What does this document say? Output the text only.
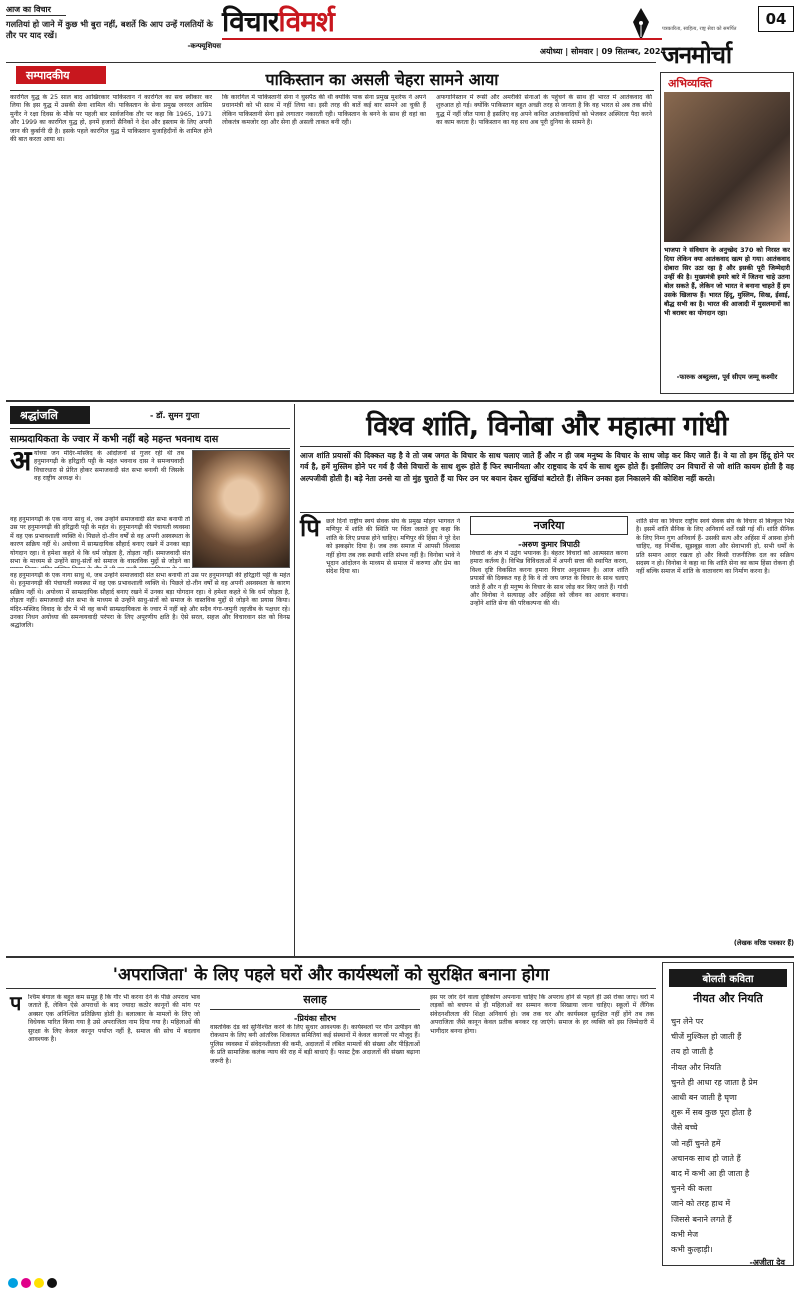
आज का विचार
गलतियां हो जाने में कुछ भी बुरा नहीं, बशर्ते कि आप उन्हें गलतियों के तौर पर याद रखें।
-कन्फ्यूशियस
विचारविमर्श	04
अयोध्या | सोमवार | 09 सितम्बर, 2024
जनमोर्चा
पत्रकारिता, साहित्य, राष्ट्र सेवा को समर्पित
सम्पादकीय	पाकिस्तान का असली चेहरा सामने आया
कारगिल युद्ध के 25 साल बाद आखिरकार पाकिस्तान ने कारगिल का सच स्वीकार कर लिया कि इस युद्ध में उसकी सेना शामिल थी। पाकिस्तान के सेना प्रमुख जनरल आसिम मुनीर ने रक्षा दिवस के मौके पर पहली बार सार्वजनिक तौर पर कहा कि 1965, 1971 और 1999 का कारगिल युद्ध हो, इनमें हजारों सैनिकों ने देश और इस्लाम के लिए अपनी जान की कुर्बानी दी है। इसके पहले कारगिल युद्ध में पाकिस्तान मुजाहिदीनों के शामिल होने की बात करता आया था।
कि कारगिल में पाकिस्तानी सेना ने घुसपैठ की थी क्योंकि पाक सेना प्रमुख मुशर्रफ ने अपने प्रधानमंत्री को भी साथ में नहीं लिया था। इसी तरह की बातें कई बार सामने आ चुकी हैं लेकिन पाकिस्तानी सेना इसे लगातार नकारती रही। पाकिस्तान के बनने के साथ ही वहां का लोकतंत्र कमजोर रहा और सेना ही असली ताकत बनी रही।
अफगानिस्तान में रूसी और अमरीकी सेनाओं के पहुंचने के साथ ही भारत में आतंकवाद की शुरुआत हो गई। क्योंकि पाकिस्तान बहुत अच्छी तरह से जानता है कि वह भारत से अब तक सीधे युद्ध में नहीं जीत पाया है इसलिए वह अपने कथित आतंकवादियों को भेजकर अस्थिरता पैदा करने का काम करता है। पाकिस्तान का यह सच अब पूरी दुनिया के सामने है।
अभिव्यक्ति
भाजपा ने संविधान के अनुच्छेद 370 को निरस्त कर दिया लेकिन क्या आतंकवाद खत्म हो गया। आतंकवाद दोबारा सिर उठा रहा है और इसकी पूरी जिम्मेदारी उन्हीं की है। मुख्यमंत्री हमारे बारे में जितना चाहे उतना बोल सकते हैं, लेकिन जो भारत वे बनाना चाहते हैं हम उसके खिलाफ हैं। भारत हिंदू, मुस्लिम, सिख, ईसाई, बौद्ध सभी का है। भारत की आजादी में मुसलमानों का भी बराबर का योगदान रहा।
-फारुक अब्दुल्ला, पूर्व सीएम जम्मू कश्मीर
श्रद्धांजलि	- डॉ. सुमन गुप्ता
साम्प्रदायिकता के ज्वार में कभी नहीं बहे महन्त भवनाथ दास
अ योध्या जन मंदिर-मस्जिद के आंदोलनों से गुजर रही थी तब हनुमानगढ़ी के हरिद्वारी पट्टी के महंत भवनाथ दास ने समन्वयवादी विचारधारा से प्रेरित होकर समाजवादी संत सभा बनायी थी जिसके वह राष्ट्रीय अध्यक्ष थे।
वह हनुमानगढ़ी के एक नागा साधु थे, जब उन्होंने समाजवादी संत सभा बनायी तो उस पर हनुमानगढ़ी की हरिद्वारी पट्टी के महंत थे। हनुमानगढ़ी की पंचायती व्यवस्था में वह एक प्रभावशाली व्यक्ति थे। पिछले दो-तीन वर्षों से वह अपनी अस्वस्थता के कारण सक्रिय नहीं थे। अयोध्या में साम्प्रदायिक सौहार्द बनाए रखने में उनका बड़ा योगदान रहा। वे हमेशा कहते थे कि धर्म जोड़ता है, तोड़ता नहीं। समाजवादी संत सभा के माध्यम से उन्होंने साधु-संतों को समाज के वास्तविक मुद्दों से जोड़ने का
वह हनुमानगढ़ी के एक नागा साधु थे, जब उन्होंने समाजवादी संत सभा बनायी तो उस पर हनुमानगढ़ी की हरिद्वारी पट्टी के महंत थे। हनुमानगढ़ी की पंचायती व्यवस्था में वह एक प्रभावशाली व्यक्ति थे। पिछले दो-तीन वर्षों से वह अपनी अस्वस्थता के कारण सक्रिय नहीं थे। अयोध्या में साम्प्रदायिक सौहार्द बनाए रखने में उनका बड़ा योगदान रहा। वे हमेशा कहते थे कि धर्म जोड़ता है, तोड़ता नहीं। समाजवादी संत सभा के माध्यम से उन्होंने साधु-संतों को समाज के वास्तविक मुद्दों से जोड़ने का प्रयास किया। मंदिर-मस्जिद विवाद के दौर में भी वह कभी साम्प्रदायिकता के ज्वार में नहीं बहे और सदैव गंगा-जमुनी तहजीब के पक्षधर रहे। उनका निधन अयोध्या की समन्वयवादी परंपरा के लिए अपूरणीय क्षति है। ऐसे सरल, सहज और विचारवान संत को विनम्र श्रद्धांजलि।
विश्व शांति, विनोबा और महात्मा गांधी
आज शांति प्रयासों की दिक्कत यह है वे तो जब जगत के विचार के साथ चलाए जाते हैं और न ही जब मनुष्य के विचार के साथ जोड़ कर किए जाते हैं। वे या तो हम हिंदू होने पर गर्व है, हमें मुस्लिम होने पर गर्व है जैसे विचारों के साथ शुरू होते हैं फिर स्थानीयता और राष्ट्रवाद के दर्प के साथ शुरू होते हैं। इसीलिए उन विचारों से जो शांति कायम होती है वह अल्पजीवी होती है। बड़े नेता उनसे या तो मुंह चुराते हैं या फिर उन पर बयान देकर सुर्खियां बटोरते हैं। लेकिन उनका हल निकालने की कोशिश नहीं करते।
पि छले दिनों राष्ट्रीय स्वयं सेवक संघ के प्रमुख मोहन भागवत ने मणिपुर में शांति की स्थिति पर चिंता जताते हुए कहा कि शांति के लिए प्रयास होने चाहिए। मणिपुर की हिंसा ने पूरे देश को झकझोर दिया है। जब तक समाज में आपसी विश्वास नहीं होगा तब तक स्थायी शांति संभव नहीं है। विनोबा भावे ने भूदान आंदोलन के माध्यम से समाज में करुणा और प्रेम का संदेश दिया था।
नजरिया
-अरुण कुमार त्रिपाठी
विचारों के क्षेत्र में उद्वेग भयानक है। बेहतर विचारों को आत्मसात करना हमारा कर्तव्य है। विभिन्न विविधताओं में अपनी सत्ता की स्थापित करना, विश्व दृष्टि विकसित करना हमारा विचार अनुशासन है। आज शांति प्रयासों की दिक्कत यह है कि वे तो जय जगत के विचार के साथ चलाए जाते हैं और न ही मनुष्य के विचार के साथ जोड़ कर किए जाते हैं। गांधी और विनोबा ने सत्याग्रह और अहिंसा को जीवन का आधार बनाया। उन्होंने शांति सेना की परिकल्पना की थी।
शांति सेना का विचार राष्ट्रीय स्वयं सेवक संघ के विचार से बिल्कुल भिन्न है। इसमें शांति सैनिक के लिए अनिवार्य शर्तें रखी गई थीं। शांति सैनिक के लिए निम्न गुण अनिवार्य हैं- उसकी सत्य और अहिंसा में आस्था होनी चाहिए, वह निर्भीक, सूझबूझ वाला और सेवाभावी हो, सभी धर्मों के प्रति समान आदर रखता हो और किसी राजनीतिक दल का सक्रिय सदस्य न हो। विनोबा ने कहा था कि शांति सेना का काम हिंसा रोकना ही नहीं बल्कि समाज में शांति के वातावरण का निर्माण करना है।
(लेखक वरिष्ठ पत्रकार हैं)
'अपराजिता' के लिए पहले घरों और कार्यस्थलों को सुरक्षित बनाना होगा
प श्चिम बंगाल के बहुत कम समूह हैं कि गौर भी करना देने के पीछे अपराध भाव जताते हैं, लेकिन ऐसे अपराधों के बाद ज्यादा कठोर कानूनों की मांग पर अक्सर एक अनिश्चित प्रतिक्रिया होती है। बलात्कार के मामलों के लिए जो विधेयक पारित किया गया है उसे अपराजिता नाम दिया गया है। महिलाओं की सुरक्षा के लिए केवल कानून पर्याप्त नहीं है, समाज की सोच में बदलाव आवश्यक है।
सलाह
-प्रियंका सौरभ
वास्तविक दंड को सुनिश्चित करने के लिए सुधार आवश्यक है। कार्यस्थलों पर यौन उत्पीड़न की रोकथाम के लिए बनी आंतरिक शिकायत समितियां कई संस्थानों में केवल कागजों पर मौजूद हैं। पुलिस व्यवस्था में संवेदनशीलता की कमी, अदालतों में लंबित मामलों की संख्या और पीड़िताओं के प्रति सामाजिक कलंक न्याय की राह में बड़ी बाधाएं हैं। फास्ट ट्रैक अदालतों की संख्या बढ़ाना जरूरी है।
इस पर जोर देने वाला दृष्टिकोण अपनाना चाहिए कि अपराध होने से पहले ही उसे रोका जाए। घरों में लड़कों को बचपन से ही महिलाओं का सम्मान करना सिखाया जाना चाहिए। स्कूलों में लैंगिक संवेदनशीलता की शिक्षा अनिवार्य हो। जब तक घर और कार्यस्थल सुरक्षित नहीं होंगे तब तक अपराजिता जैसे कानून केवल प्रतीक बनकर रह जाएंगे। समाज के हर व्यक्ति को इस जिम्मेदारी में भागीदार बनना होगा।
बोलती कविता
नीयत और नियति
चुन लेने पर
चीजें मुश्किल हो जाती हैं
तय हो जाती है
नीयत और नियति
चुनते ही आधा रह जाता है प्रेम
आधी बन जाती है घृणा
शुरू में सब कुछ पूरा होता है
जैसे बच्चे
जो नहीं चुनते हमें
अचानक साथ हो जाते हैं
बाद में कभी आ ही जाता है
चुनने की कला
जाने को तरह हाथ में
जिससे बनाने लगते हैं
कभी मेज
कभी कुल्हाड़ी।
-अजीता देव
